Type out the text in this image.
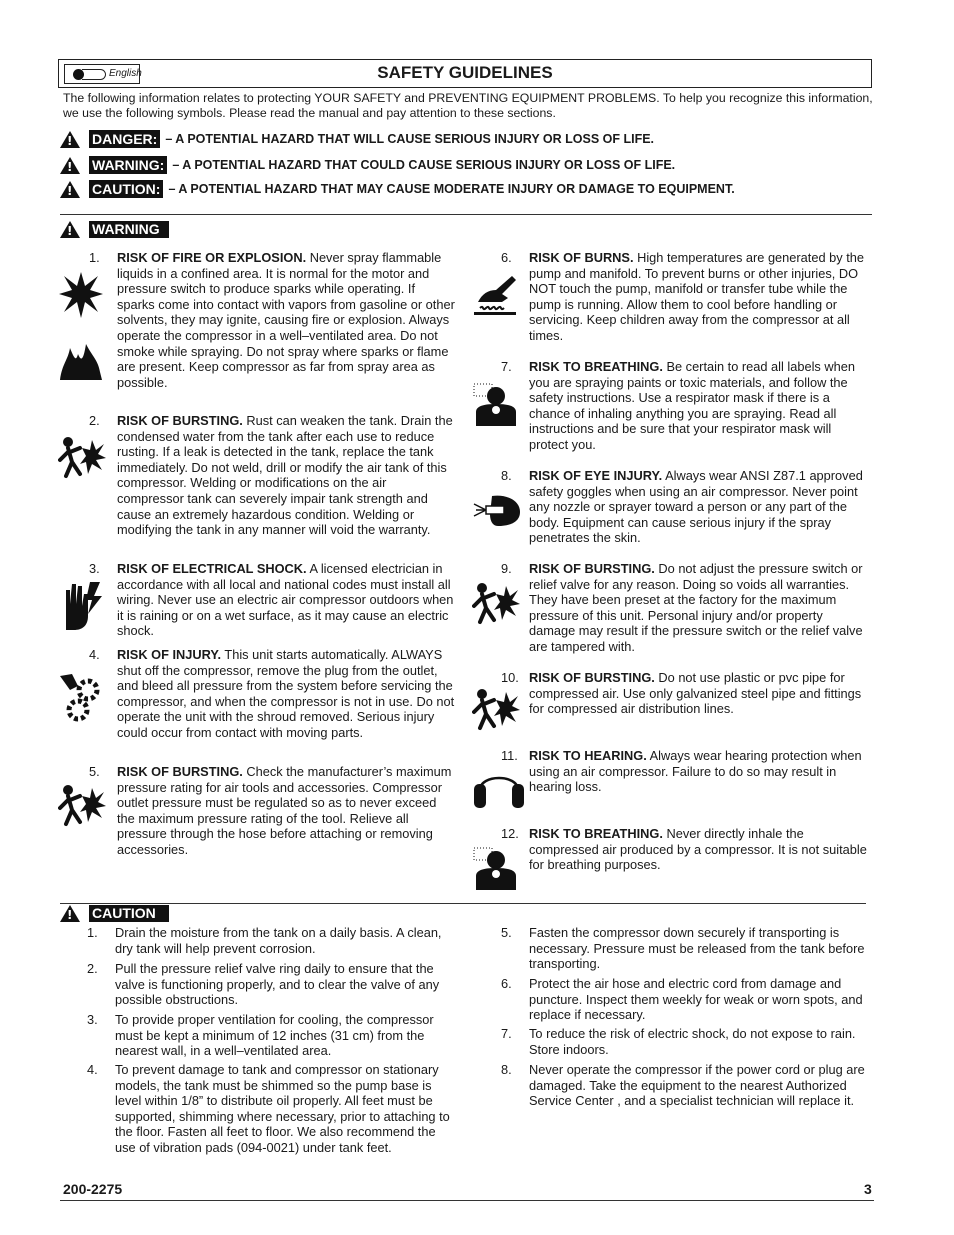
English	SAFETY GUIDELINES

The following information relates to protecting YOUR SAFETY and PREVENTING EQUIPMENT PROBLEMS. To help you recognize this information, we use the following symbols. Please read the manual and pay attention to these sections.

!
DANGER: – A POTENTIAL HAZARD THAT WILL CAUSE SERIOUS INJURY OR LOSS OF LIFE.
!
WARNING: – A POTENTIAL HAZARD THAT COULD CAUSE SERIOUS INJURY OR LOSS OF LIFE.
!
CAUTION: – A POTENTIAL HAZARD THAT MAY CAUSE MODERATE INJURY OR DAMAGE TO EQUIPMENT.
!
WARNING
1. RISK OF FIRE OR EXPLOSION. Never spray flammable liquids in a confined area. It is normal for the motor and pressure switch to produce sparks while operating. If sparks come into contact with vapors from gasoline or other solvents, they may ignite, causing fire or explosion. Always operate the compressor in a well–ventilated area. Do not smoke while spraying. Do not spray where sparks or flame are present. Keep compressor as far from spray area as possible.
2. RISK OF BURSTING. Rust can weaken the tank. Drain the condensed water from the tank after each use to reduce rusting. If a leak is detected in the tank, replace the tank immediately. Do not weld, drill or modify the air tank of this compressor. Welding or modifications on the air compressor tank can severely impair tank strength and cause an extremely hazardous condition. Welding or modifying the tank in any manner will void the warranty.
3. RISK OF ELECTRICAL SHOCK. A licensed electrician in accordance with all local and national codes must install all wiring. Never use an electric air compressor outdoors when it is raining or on a wet surface, as it may cause an electric shock.
4. RISK OF INJURY. This unit starts automatically. ALWAYS shut off the compressor, remove the plug from the outlet, and bleed all pressure from the system before servicing the compressor, and when the compressor is not in use. Do not operate the unit with the shroud removed. Serious injury could occur from contact with moving parts.
5. RISK OF BURSTING. Check the manufacturer’s maximum pressure rating for air tools and accessories. Compressor outlet pressure must be regulated so as to never exceed the maximum pressure rating of the tool. Relieve all pressure through the hose before attaching or removing accessories.
6. RISK OF BURNS. High temperatures are generated by the pump and manifold. To prevent burns or other injuries, DO NOT touch the pump, manifold or transfer tube while the pump is running. Allow them to cool before handling or servicing. Keep children away from the compressor at all times.
7. RISK TO BREATHING. Be certain to read all labels when you are spraying paints or toxic materials, and follow the safety instructions. Use a respirator mask if there is a chance of inhaling anything you are spraying. Read all instructions and be sure that your respirator mask will protect you.
8. RISK OF EYE INJURY. Always wear ANSI Z87.1 approved safety goggles when using an air compressor. Never point any nozzle or sprayer toward a person or any part of the body. Equipment can cause serious injury if the spray penetrates the skin.
9. RISK OF BURSTING. Do not adjust the pressure switch or relief valve for any reason. Doing so voids all warranties. They have been preset at the factory for the maximum pressure of this unit. Personal injury and/or property damage may result if the pressure switch or the relief valve are tampered with.
10. RISK OF BURSTING. Do not use plastic or pvc pipe for compressed air. Use only galvanized steel pipe and fittings for compressed air distribution lines.
11. RISK TO HEARING. Always wear hearing protection when using an air compressor. Failure to do so may result in hearing loss.
12. RISK TO BREATHING. Never directly inhale the compressed air produced by a compressor. It is not suitable for breathing purposes.
!
CAUTION
1. Drain the moisture from the tank on a daily basis. A clean, dry tank will help prevent corrosion.
2. Pull the pressure relief valve ring daily to ensure that the valve is functioning properly, and to clear the valve of any possible obstructions.
3. To provide proper ventilation for cooling, the compressor must be kept a minimum of 12 inches (31 cm) from the nearest wall, in a well–ventilated area.
4. To prevent damage to tank and compressor on stationary models, the tank must be shimmed so the pump base is level within 1/8” to distribute oil properly. All feet must be supported, shimming where necessary, prior to attaching to the floor. Fasten all feet to floor. We also recommend the use of vibration pads (094-0021) under tank feet.
5. Fasten the compressor down securely if transporting is necessary. Pressure must be released from the tank before transporting.
6. Protect the air hose and electric cord from damage and puncture. Inspect them weekly for weak or worn spots, and replace if necessary.
7. To reduce the risk of electric shock, do not expose to rain. Store indoors.
8. Never operate the compressor if the power cord or plug are damaged. Take the equipment to the nearest Authorized Service Center , and a specialist technician will replace it.
200-2275	3
